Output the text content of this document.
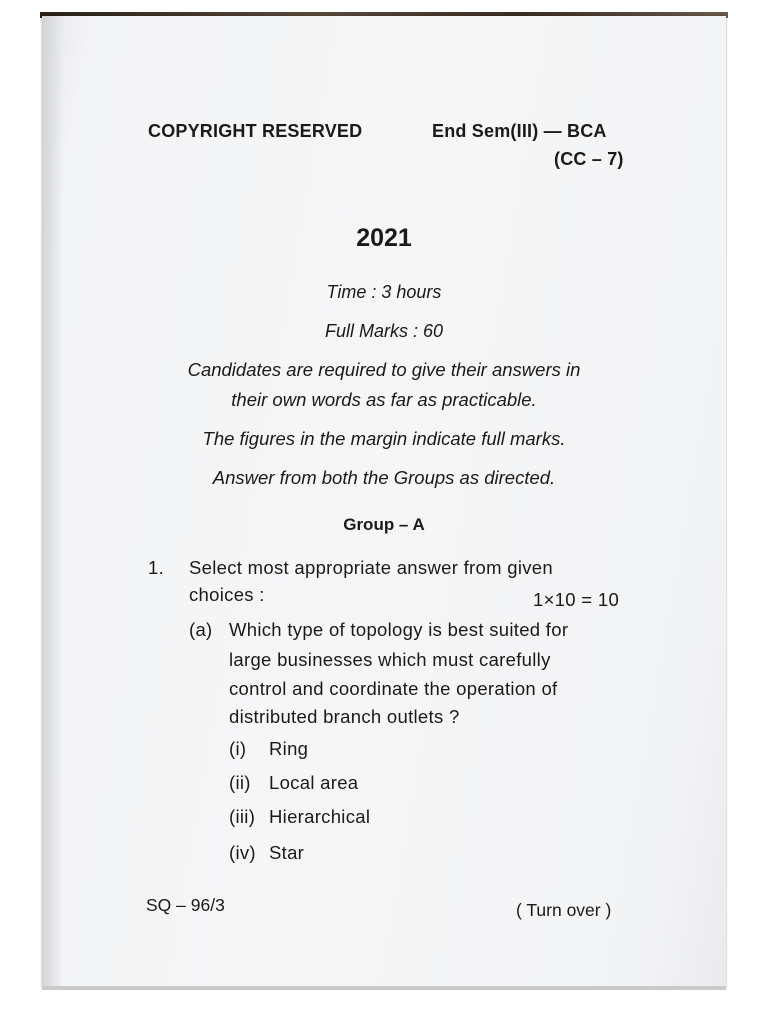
COPYRIGHT RESERVED	End Sem(III) — BCA
(CC – 7)
2021
Time : 3 hours
Full Marks : 60
Candidates are required to give their answers in
their own words as far as practicable.
The figures in the margin indicate full marks.
Answer from both the Groups as directed.
Group – A
1. Select most appropriate answer from given
choices :	1×10 = 10
(a) Which type of topology is best suited for
large businesses which must carefully
control and coordinate the operation of
distributed branch outlets ?
(i) Ring
(ii) Local area
(iii) Hierarchical
(iv) Star
SQ – 96/3	( Turn over )
